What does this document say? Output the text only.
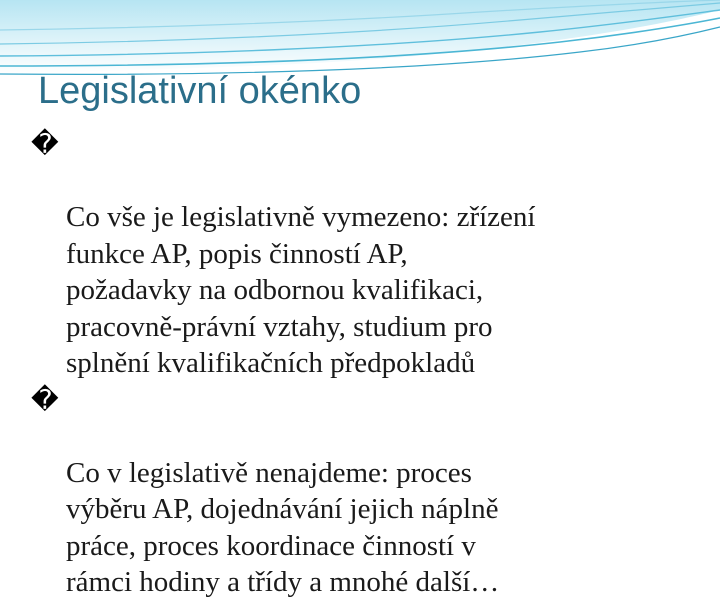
Legislativní okénko

�

Co vše je legislativně vymezeno: zřízení
funkce AP, popis činností AP,
požadavky na odbornou kvalifikaci,
pracovně-právní vztahy, studium pro
splnění kvalifikačních předpokladů

�

Co v legislativě nenajdeme: proces
výběru AP, dojednávání jejich náplně
práce, proces koordinace činností v
rámci hodiny a třídy a mnohé další…
